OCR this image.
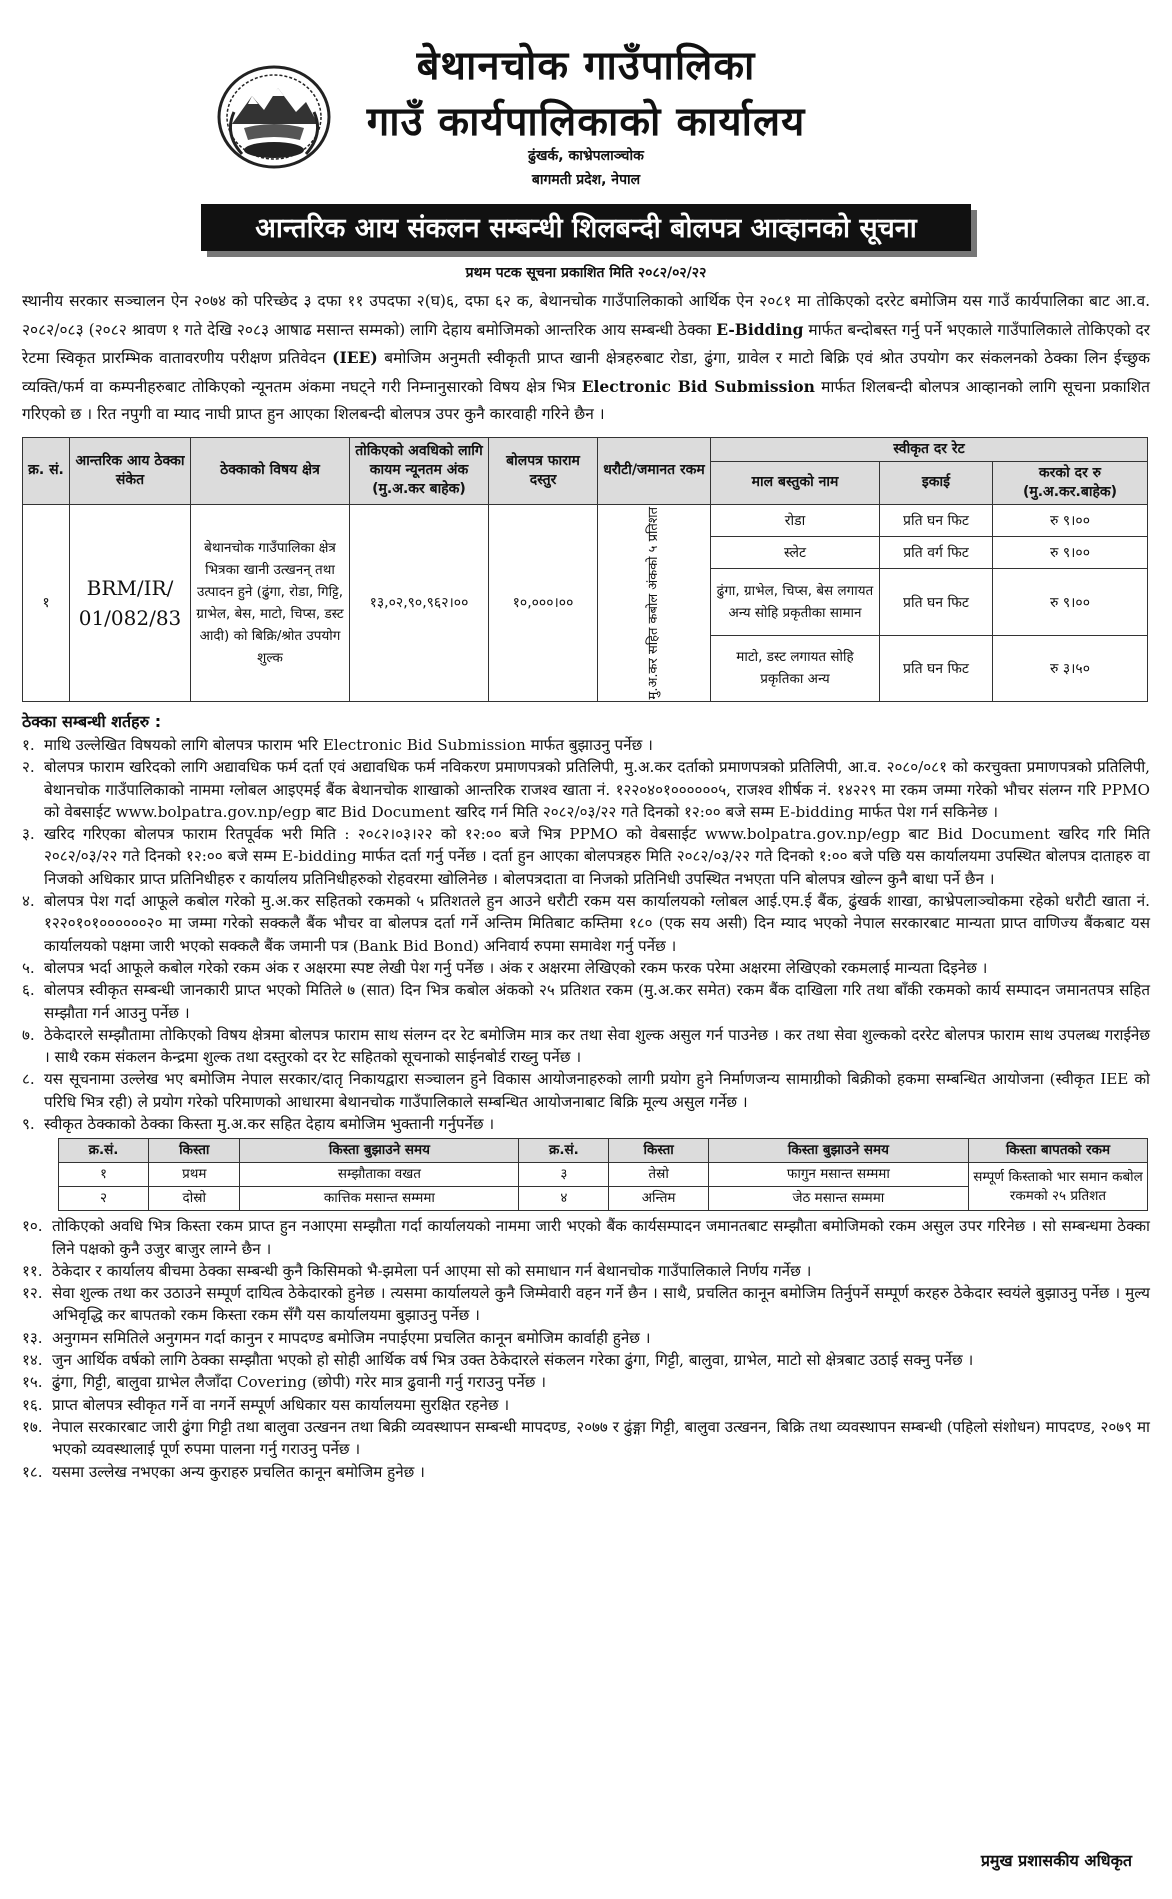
बेथानचोक गाउँपालिका
गाउँ कार्यपालिकाको कार्यालय
ढुंखर्क, काभ्रेपलाञ्चोक
बागमती प्रदेश, नेपाल
आन्तरिक आय संकलन सम्बन्धी शिलबन्दी बोलपत्र आव्हानको सूचना
प्रथम पटक सूचना प्रकाशित मिति २०८२/०२/२२

स्थानीय सरकार सञ्चालन ऐन २०७४ को परिच्छेद ३ दफा ११ उपदफा २(घ)६, दफा ६२ क, बेथानचोक गाउँपालिकाको आर्थिक ऐन २०८१ मा तोकिएको दररेट बमोजिम यस गाउँ कार्यपालिका बाट आ.व. २०८२/०८३ (२०८२ श्रावण १ गते देखि २०८३ आषाढ मसान्त सम्मको) लागि देहाय बमोजिमको आन्तरिक आय सम्बन्धी ठेक्का E-Bidding मार्फत बन्दोबस्त गर्नु पर्ने भएकाले गाउँपालिकाले तोकिएको दर रेटमा स्विकृत प्रारम्भिक वातावरणीय परीक्षण प्रतिवेदन (IEE) बमोजिम अनुमती स्वीकृती प्राप्त खानी क्षेत्रहरुबाट रोडा, ढुंगा, ग्रावेल र माटो बिक्रि एवं श्रोत उपयोग कर संकलनको ठेक्का लिन ईच्छुक व्यक्ति/फर्म वा कम्पनीहरुबाट तोकिएको न्यूनतम अंकमा नघट्ने गरी निम्नानुसारको विषय क्षेत्र भित्र Electronic Bid Submission मार्फत शिलबन्दी बोलपत्र आव्हानको लागि सूचना प्रकाशित गरिएको छ । रित नपुगी वा म्याद नाघी प्राप्त हुन आएका शिलबन्दी बोलपत्र उपर कुनै कारवाही गरिने छैन ।

क्र. सं.	आन्तरिक आय ठेक्का संकेत	ठेक्काको विषय क्षेत्र	तोकिएको अवधिको लागि कायम न्यूनतम अंक (मु.अ.कर बाहेक)	बोलपत्र फाराम दस्तुर	धरौटी/जमानत रकम	स्वीकृत दर रेट		
						माल बस्तुको नाम	इकाई	करको दर रु (मु.अ.कर.बाहेक)
१	BRM/IR/ 01/082/83	बेथानचोक गाउँपालिका क्षेत्र भित्रका खानी उत्खनन् तथा उत्पादन हुने (ढुंगा, रोडा, गिट्टि, ग्राभेल, बेस, माटो, चिप्स, डस्ट आदी) को बिक्रि/श्रोत उपयोग शुल्क	१३,०२,९०,९६२।००	१०,०००।००	मु.अ.कर सहित कबोल अंकको ५ प्रतिशत	रोडा	प्रति घन फिट	रु ९।००
						स्लेट	प्रति वर्ग फिट	रु ९।००
						ढुंगा, ग्राभेल, चिप्स, बेस लगायत अन्य सोहि प्रकृतीका सामान	प्रति घन फिट	रु ९।००
						माटो, डस्ट लगायत सोहि प्रकृतिका अन्य	प्रति घन फिट	रु ३।५०
ठेक्का सम्बन्धी शर्तहरु :
१. माथि उल्लेखित विषयको लागि बोलपत्र फाराम भरि Electronic Bid Submission मार्फत बुझाउनु पर्नेछ ।
२. बोलपत्र फाराम खरिदको लागि अद्यावधिक फर्म दर्ता एवं अद्यावधिक फर्म नविकरण प्रमाणपत्रको प्रतिलिपी, मु.अ.कर दर्ताको प्रमाणपत्रको प्रतिलिपी, आ.व. २०८०/०८१ को करचुक्ता प्रमाणपत्रको प्रतिलिपी, बेथानचोक गाउँपालिकाको नाममा ग्लोबल आइएमई बैंक बेथानचोक शाखाको आन्तरिक राजश्व खाता नं. १२२०४०१००००००५, राजश्व शीर्षक नं. १४२२९ मा रकम जम्मा गरेको भौचर संलग्न गरि PPMO को वेबसाईट www.bolpatra.gov.np/egp बाट Bid Document खरिद गर्न मिति २०८२/०३/२२ गते दिनको १२:०० बजे सम्म E-bidding मार्फत पेश गर्न सकिनेछ ।
३. खरिद गरिएका बोलपत्र फाराम रितपूर्वक भरी मिति : २०८२।०३।२२ को १२:०० बजे भित्र PPMO को वेबसाईट www.bolpatra.gov.np/egp बाट Bid Document खरिद गरि मिति २०८२/०३/२२ गते दिनको १२:०० बजे सम्म E-bidding मार्फत दर्ता गर्नु पर्नेछ । दर्ता हुन आएका बोलपत्रहरु मिति २०८२/०३/२२ गते दिनको १:०० बजे पछि यस कार्यालयमा उपस्थित बोलपत्र दाताहरु वा निजको अधिकार प्राप्त प्रतिनिधीहरु र कार्यालय प्रतिनिधीहरुको रोहवरमा खोलिनेछ । बोलपत्रदाता वा निजको प्रतिनिधी उपस्थित नभएता पनि बोलपत्र खोल्न कुनै बाधा पर्ने छैन ।
४. बोलपत्र पेश गर्दा आफूले कबोल गरेको मु.अ.कर सहितको रकमको ५ प्रतिशतले हुन आउने धरौटी रकम यस कार्यालयको ग्लोबल आई.एम.ई बैंक, ढुंखर्क शाखा, काभ्रेपलाञ्चोकमा रहेको धरौटी खाता नं. १२२०१०१००००००२० मा जम्मा गरेको सक्कलै बैंक भौचर वा बोलपत्र दर्ता गर्ने अन्तिम मितिबाट कम्तिमा १८० (एक सय असी) दिन म्याद भएको नेपाल सरकारबाट मान्यता प्राप्त वाणिज्य बैंकबाट यस कार्यालयको पक्षमा जारी भएको सक्कलै बैंक जमानी पत्र (Bank Bid Bond) अनिवार्य रुपमा समावेश गर्नु पर्नेछ ।
५. बोलपत्र भर्दा आफूले कबोल गरेको रकम अंक र अक्षरमा स्पष्ट लेखी पेश गर्नु पर्नेछ । अंक र अक्षरमा लेखिएको रकम फरक परेमा अक्षरमा लेखिएको रकमलाई मान्यता दिइनेछ ।
६. बोलपत्र स्वीकृत सम्बन्धी जानकारी प्राप्त भएको मितिले ७ (सात) दिन भित्र कबोल अंकको २५ प्रतिशत रकम (मु.अ.कर समेत) रकम बैंक दाखिला गरि तथा बाँकी रकमको कार्य सम्पादन जमानतपत्र सहित सम्झौता गर्न आउनु पर्नेछ ।
७. ठेकेदारले सम्झौतामा तोकिएको विषय क्षेत्रमा बोलपत्र फाराम साथ संलग्न दर रेट बमोजिम मात्र कर तथा सेवा शुल्क असुल गर्न पाउनेछ । कर तथा सेवा शुल्कको दररेट बोलपत्र फाराम साथ उपलब्ध गराईनेछ । साथै रकम संकलन केन्द्रमा शुल्क तथा दस्तुरको दर रेट सहितको सूचनाको साईनबोर्ड राख्नु पर्नेछ ।
८. यस सूचनामा उल्लेख भए बमोजिम नेपाल सरकार/दातृ निकायद्वारा सञ्चालन हुने विकास आयोजनाहरुको लागी प्रयोग हुने निर्माणजन्य सामाग्रीको बिक्रीको हकमा सम्बन्धित आयोजना (स्वीकृत IEE को परिधि भित्र रही) ले प्रयोग गरेको परिमाणको आधारमा बेथानचोक गाउँपालिकाले सम्बन्धित आयोजनाबाट बिक्रि मूल्य असुल गर्नेछ ।
९. स्वीकृत ठेक्काको ठेक्का किस्ता मु.अ.कर सहित देहाय बमोजिम भुक्तानी गर्नुपर्नेछ ।
क्र.सं.	किस्ता	किस्ता बुझाउने समय	क्र.सं.	किस्ता	किस्ता बुझाउने समय	किस्ता बापतको रकम
१	प्रथम	सम्झौताका वखत	३	तेस्रो	फागुन मसान्त सम्ममा	सम्पूर्ण किस्ताको भार समान कबोल रकमको २५ प्रतिशत
२	दोस्रो	कात्तिक मसान्त सम्ममा	४	अन्तिम	जेठ मसान्त सम्ममा	
१०. तोकिएको अवधि भित्र किस्ता रकम प्राप्त हुन नआएमा सम्झौता गर्दा कार्यालयको नाममा जारी भएको बैंक कार्यसम्पादन जमानतबाट सम्झौता बमोजिमको रकम असुल उपर गरिनेछ । सो सम्बन्धमा ठेक्का लिने पक्षको कुनै उजुर बाजुर लाग्ने छैन ।
११. ठेकेदार र कार्यालय बीचमा ठेक्का सम्बन्धी कुनै किसिमको भै-झमेला पर्न आएमा सो को समाधान गर्न बेथानचोक गाउँपालिकाले निर्णय गर्नेछ ।
१२. सेवा शुल्क तथा कर उठाउने सम्पूर्ण दायित्व ठेकेदारको हुनेछ । त्यसमा कार्यालयले कुनै जिम्मेवारी वहन गर्ने छैन । साथै, प्रचलित कानून बमोजिम तिर्नुपर्ने सम्पूर्ण करहरु ठेकेदार स्वयंले बुझाउनु पर्नेछ । मुल्य अभिवृद्धि कर बापतको रकम किस्ता रकम सँगै यस कार्यालयमा बुझाउनु पर्नेछ ।
१३. अनुगमन समितिले अनुगमन गर्दा कानुन र मापदण्ड बमोजिम नपाईएमा प्रचलित कानून बमोजिम कार्वाही हुनेछ ।
१४. जुन आर्थिक वर्षको लागि ठेक्का सम्झौता भएको हो सोही आर्थिक वर्ष भित्र उक्त ठेकेदारले संकलन गरेका ढुंगा, गिट्टी, बालुवा, ग्राभेल, माटो सो क्षेत्रबाट उठाई सक्नु पर्नेछ ।
१५. ढुंगा, गिट्टी, बालुवा ग्राभेल लैजाँदा Covering (छोपी) गरेर मात्र ढुवानी गर्नु गराउनु पर्नेछ ।
१६. प्राप्त बोलपत्र स्वीकृत गर्ने वा नगर्ने सम्पूर्ण अधिकार यस कार्यालयमा सुरक्षित रहनेछ ।
१७. नेपाल सरकारबाट जारी ढुंगा गिट्टी तथा बालुवा उत्खनन तथा बिक्री व्यवस्थापन सम्बन्धी मापदण्ड, २०७७ र ढुंङ्गा गिट्टी, बालुवा उत्खनन, बिक्रि तथा व्यवस्थापन सम्बन्धी (पहिलो संशोधन) मापदण्ड, २०७९ मा भएको व्यवस्थालाई पूर्ण रुपमा पालना गर्नु गराउनु पर्नेछ ।
१८. यसमा उल्लेख नभएका अन्य कुराहरु प्रचलित कानून बमोजिम हुनेछ ।
प्रमुख प्रशासकीय अधिकृत
